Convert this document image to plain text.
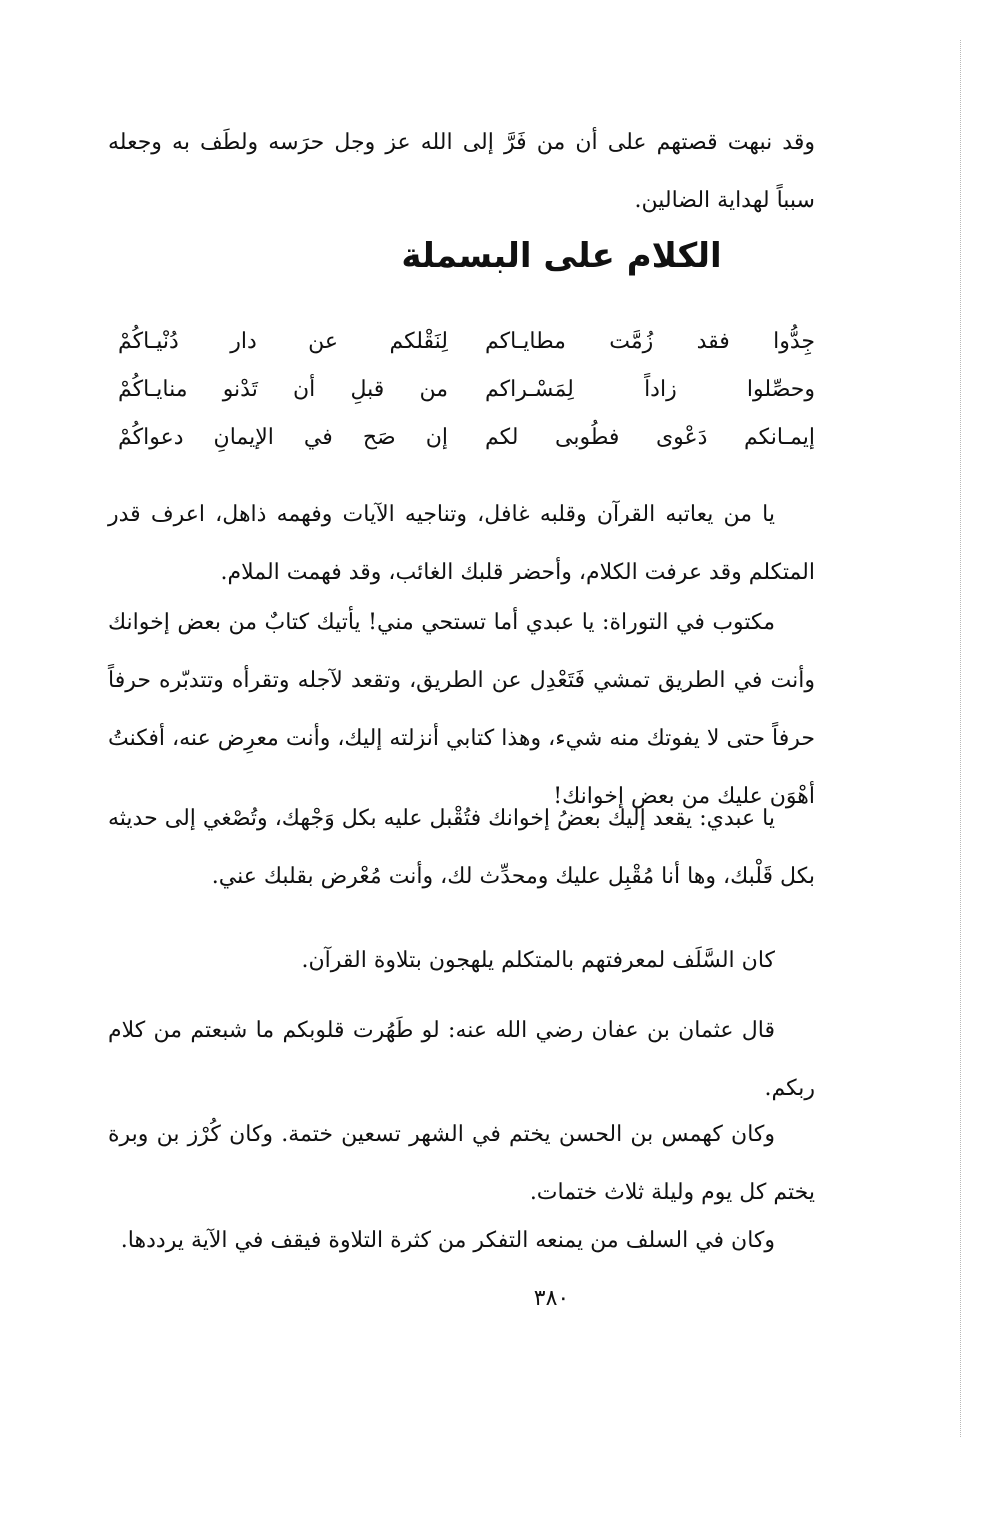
وقد نبهت قصتهم على أن من فَرَّ إلى الله عز وجل حرَسه ولطَف به وجعله سبباً لهداية الضالين.
الكلام على البسملة
جِدُّوا فقد زُمَّت مطايـاكم
لِنَقْلكم عن دار دُنْيـاكُمْ
وحصِّلوا زاداً لِمَسْـراكم
من قبلِ أن تَدْنو منايـاكُمْ
إيمـانكم دَعْوى فطُوبى لكم
إن صَح في الإيمانِ دعواكُمْ
يا من يعاتبه القرآن وقلبه غافل، وتناجيه الآيات وفهمه ذاهل، اعرف قدر المتكلم وقد عرفت الكلام، وأحضر قلبك الغائب، وقد فهمت الملام.
مكتوب في التوراة: يا عبدي أما تستحي مني! يأتيك كتابٌ من بعض إخوانك وأنت في الطريق تمشي فَتَعْدِل عن الطريق، وتقعد لآجله وتقرأه وتتدبّره حرفاً حرفاً حتى لا يفوتك منه شيء، وهذا كتابي أنزلته إليك، وأنت معرِض عنه، أفكنتُ أهْوَن عليك من بعض إخوانك!
يا عبدي: يقعد إليك بعضُ إخوانك فتُقْبل عليه بكل وَجْهك، وتُصْغي إلى حديثه بكل قَلْبك، وها أنا مُقْبِل عليك ومحدِّث لك، وأنت مُعْرض بقلبك عني.
كان السَّلَف لمعرفتهم بالمتكلم يلهجون بتلاوة القرآن.
قال عثمان بن عفان رضي الله عنه: لو طَهُرت قلوبكم ما شبعتم من كلام ربكم.
وكان كهمس بن الحسن يختم في الشهر تسعين ختمة. وكان كُرْز بن وبرة يختم كل يوم وليلة ثلاث ختمات.
وكان في السلف من يمنعه التفكر من كثرة التلاوة فيقف في الآية يرددها.
٣٨٠
